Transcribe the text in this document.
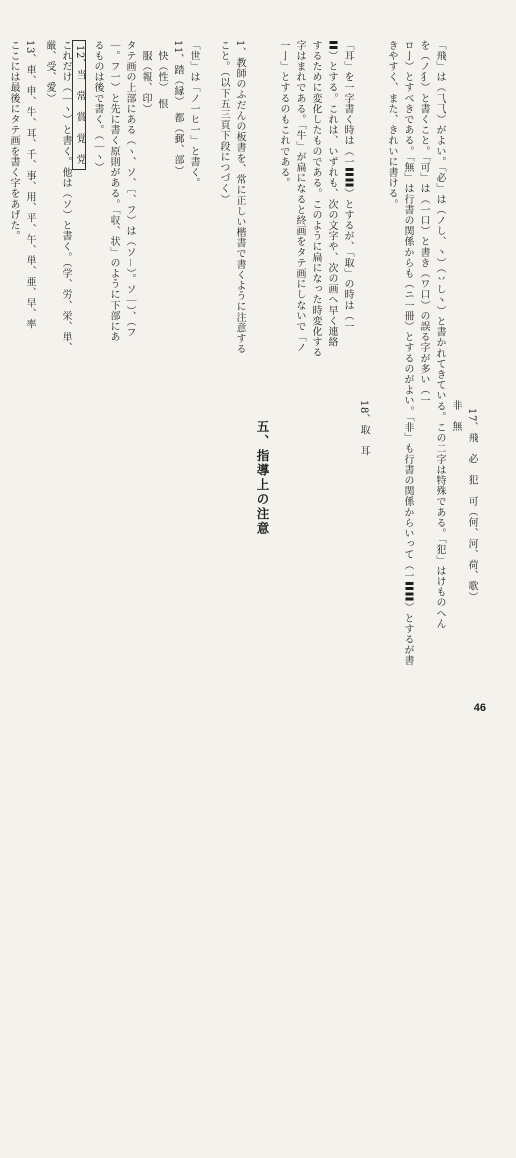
17、飛　必　犯　可（何、河、荷、歌）
非　無
「飛」は（⺄⺄）がよい。「必」は（ノし、丶）（丷し丶）と書かれてきている。この二字は特殊である。「犯」はけものへん
を（ノ犭）と書くこと。「可」は（一口）と書き（ワ口）の誤る字が多い（一
ロ亅）とすべきである。「無」は行書の関係からも（ニ一冊）とするのがよい。「非」も行書の関係からいって（一〓〓）とするが書
きやすく、また、きれいに書ける。
18、取　耳
「耳」を一字書く時は（一〓〓）とするが、「取」の時は（一
〓）とする。これは、いずれも、次の文字や、次の画へ早く連絡
するために変化したものである。このように扁になった時変化する
字はまれである。「牛」が扁になると終画をタテ画にしないで「ノ
一亅」とするのもこれである。
五、指導上の注意
1、教師のふだんの板書を、常に正しい楷書で書くように注意する
こと。（以下五三頁下段につづく）
「世」は「ノ一ヒ一」と書く。
11、踏（縁）　都（郵、部）
　快（性）　恨
　服（報、印）
タテ画の上部にある（ヽ、ソ、〔、フ）は（ソ－）。ソ｜）、（フ
｜。フ一）と先に書く原則がある。「収、状」のように下部にあ
るものは後で書く。（｜ヽ）
12、当　常　賞　覚　党
これだけ（｜ヽ）と書く。他は（ソ）と書く。（学、労、栄、単、
厳、受、愛）
13、車、申、牛、耳、千、事、用、平、午、単、亜、早、率
ここには最後にタテ画を書く字をあげた。
46
